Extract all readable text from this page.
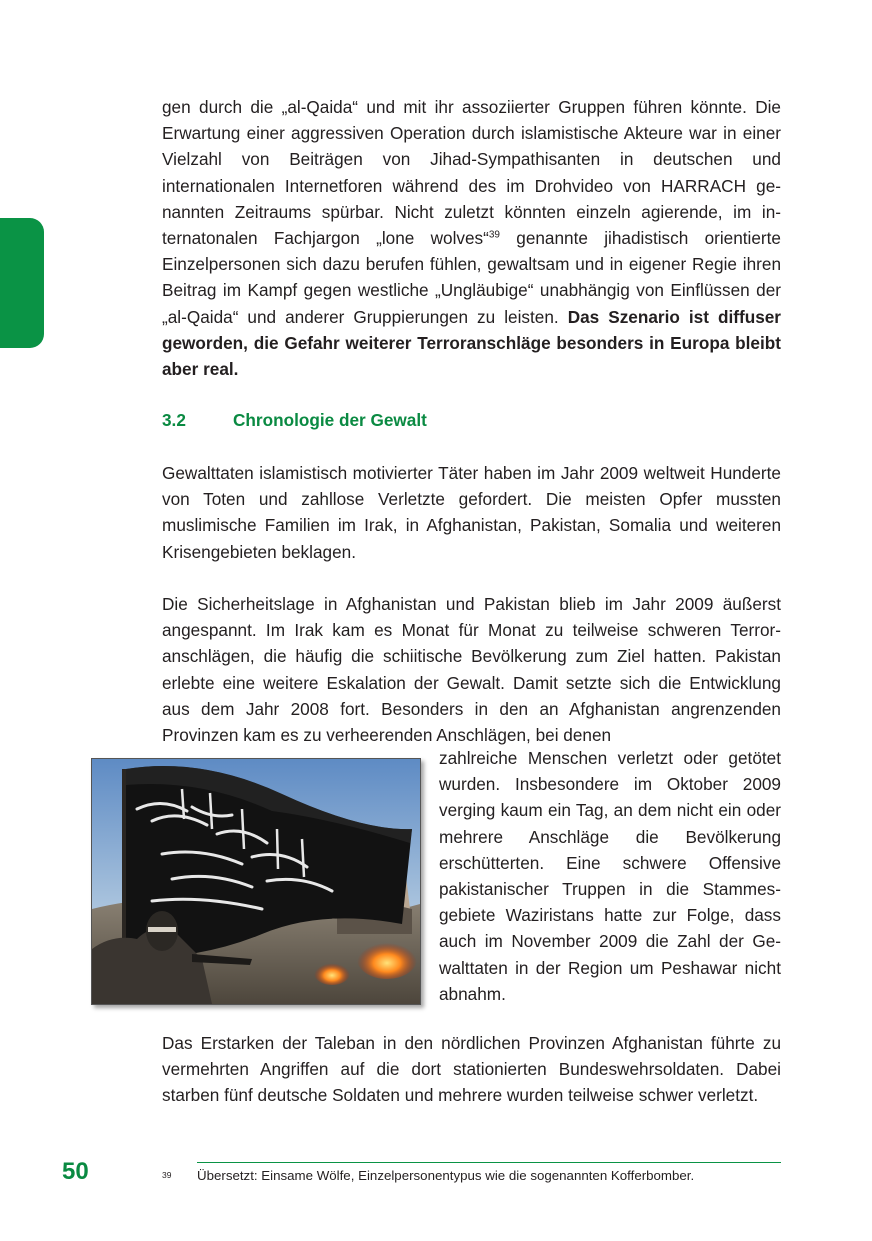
gen durch die „al-Qaida“ und mit ihr assoziierter Gruppen führen könnte. Die Erwartung einer aggressiven Operation durch islamistische Akteure war in einer Vielzahl von Beiträgen von Jihad-Sympathisanten in deutschen und internationalen Internetforen während des im Drohvideo von HARRACH genannten Zeitraums spürbar. Nicht zuletzt könnten einzeln agierende, im internatonalen Fachjargon „lone wolves“$^{39}$ genannte jihadistisch orientierte Einzelpersonen sich dazu berufen fühlen, gewaltsam und in eigener Regie ihren Beitrag im Kampf gegen westliche „Ungläubige“ unabhängig von Einflüssen der „al-Qaida“ und anderer Gruppierungen zu leisten. Das Szenario ist diffuser geworden, die Gefahr weiterer Terroranschläge besonders in Europa bleibt aber real.

3.2	Chronologie der Gewalt

Gewalttaten islamistisch motivierter Täter haben im Jahr 2009 weltweit Hunderte von Toten und zahllose Verletzte gefordert. Die meisten Opfer mussten muslimische Familien im Irak, in Afghanistan, Pakistan, Somalia und weiteren Krisengebieten beklagen.

Die Sicherheitslage in Afghanistan und Pakistan blieb im Jahr 2009 äußerst angespannt. Im Irak kam es Monat für Monat zu teilweise schweren Terroranschlägen, die häufig die schiitische Bevölkerung zum Ziel hatten. Pakistan erlebte eine weitere Eskalation der Gewalt. Damit setzte sich die Entwicklung aus dem Jahr 2008 fort. Besonders in den an Afghanistan angrenzenden Provinzen kam es zu verheerenden Anschlägen, bei denen

zahlreiche Menschen verletzt oder getötet wurden. Insbesondere im Oktober 2009 verging kaum ein Tag, an dem nicht ein oder mehrere Anschläge die Bevölkerung erschütterten. Eine schwere Offensive pakistanischer Truppen in die Stammesgebiete Waziristans hatte zur Folge, dass auch im November 2009 die Zahl der Gewalttaten in der Region um Peshawar nicht abnahm.

Das Erstarken der Taleban in den nördlichen Provinzen Afghanistan führte zu vermehrten Angriffen auf die dort stationierten Bundeswehrsoldaten. Dabei starben fünf deutsche Soldaten und mehrere wurden teilweise schwer verletzt.

39 Übersetzt: Einsame Wölfe, Einzelpersonentypus wie die sogenannten Kofferbomber.
50
